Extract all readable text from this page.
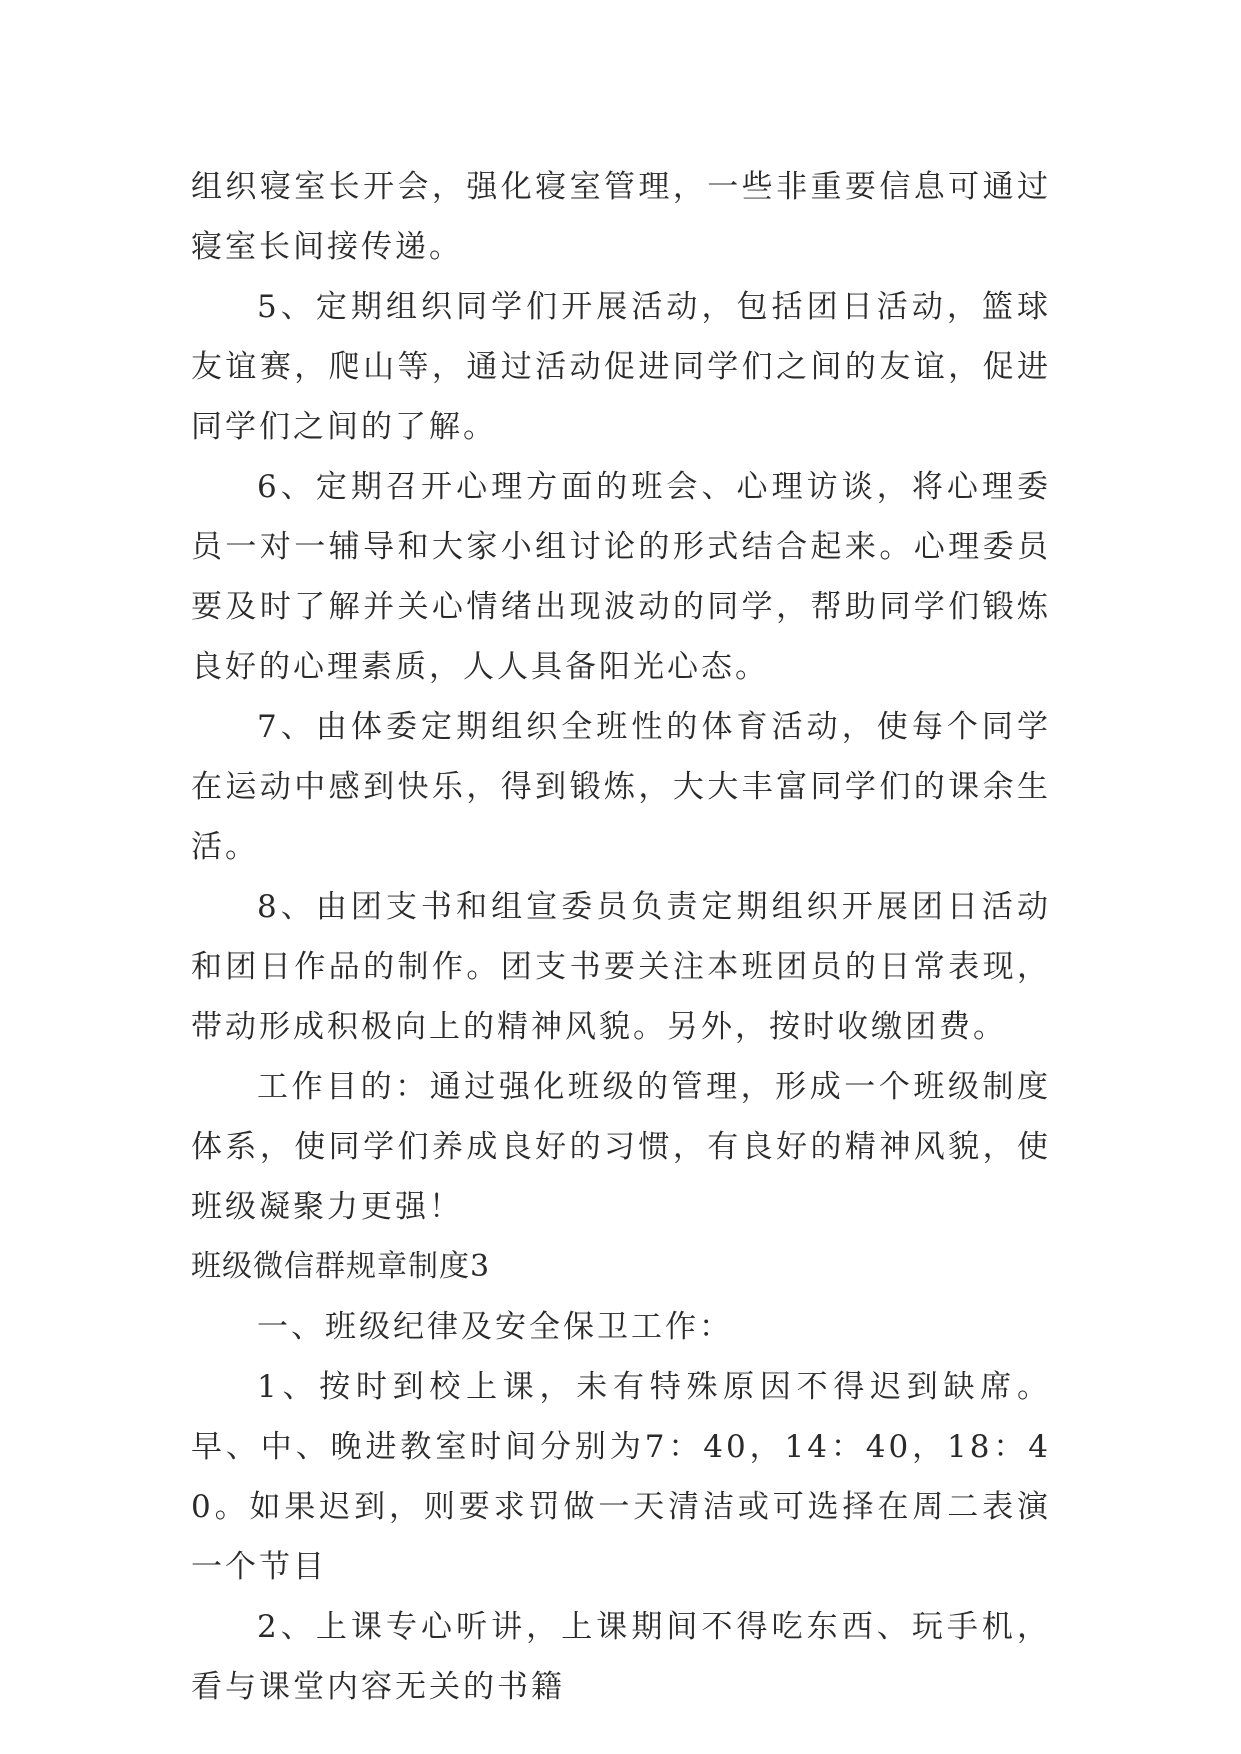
组织寝室长开会，强化寝室管理，一些非重要信息可通过寝室长间接传递。

5、定期组织同学们开展活动，包括团日活动，篮球友谊赛，爬山等，通过活动促进同学们之间的友谊，促进同学们之间的了解。

6、定期召开心理方面的班会、心理访谈，将心理委员一对一辅导和大家小组讨论的形式结合起来。心理委员要及时了解并关心情绪出现波动的同学，帮助同学们锻炼良好的心理素质，人人具备阳光心态。

7、由体委定期组织全班性的体育活动，使每个同学在运动中感到快乐，得到锻炼，大大丰富同学们的课余生活。

8、由团支书和组宣委员负责定期组织开展团日活动和团日作品的制作。团支书要关注本班团员的日常表现，带动形成积极向上的精神风貌。另外，按时收缴团费。

工作目的：通过强化班级的管理，形成一个班级制度体系，使同学们养成良好的习惯，有良好的精神风貌，使班级凝聚力更强！

班级微信群规章制度3

一、班级纪律及安全保卫工作：

1、按时到校上课，未有特殊原因不得迟到缺席。早、中、晚进教室时间分别为7：40，14：40，18：40。如果迟到，则要求罚做一天清洁或可选择在周二表演一个节目

2、上课专心听讲，上课期间不得吃东西、玩手机，看与课堂内容无关的书籍
